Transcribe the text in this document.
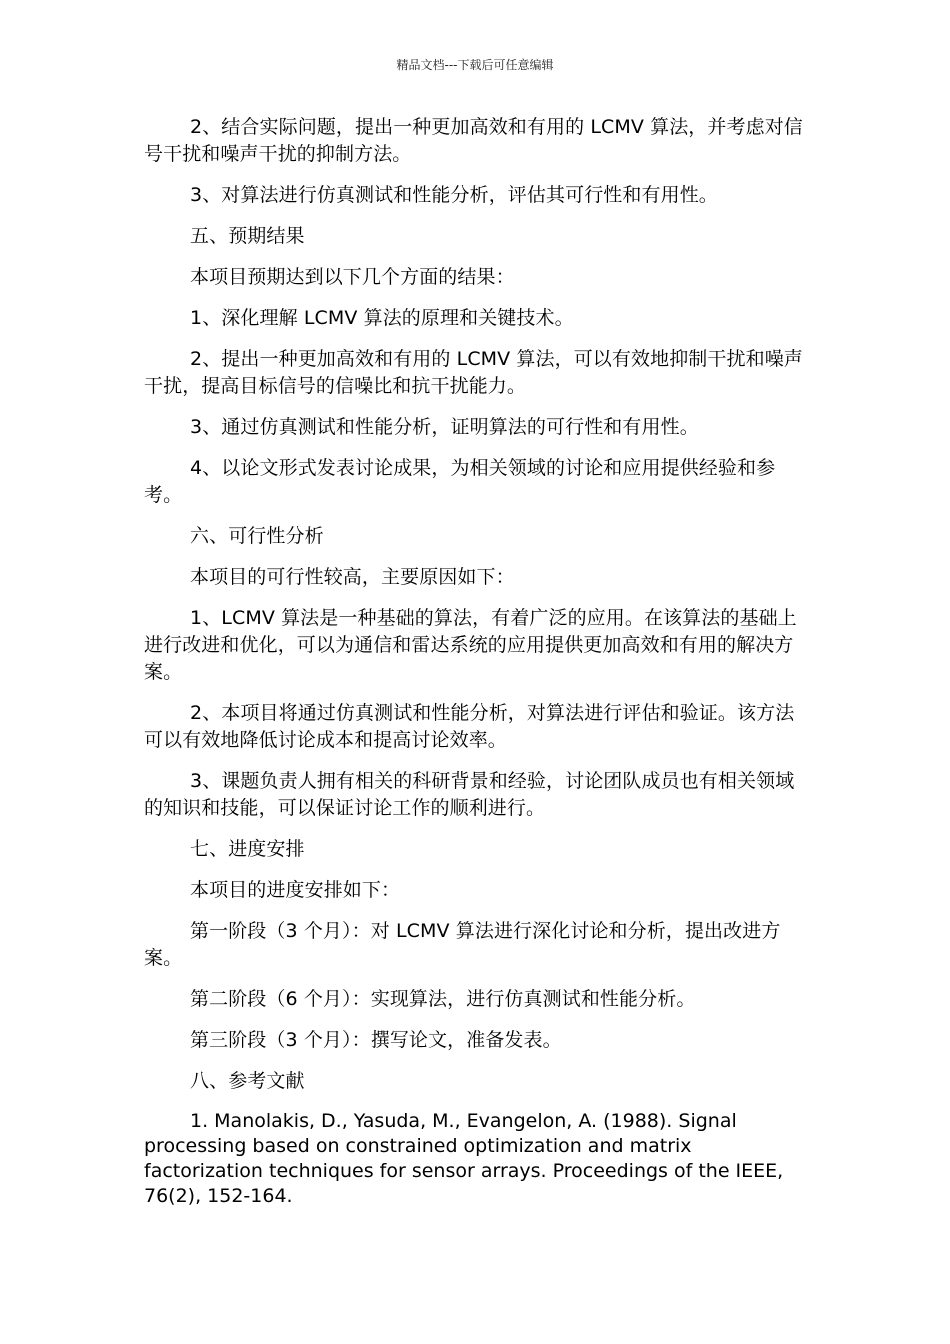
精品文档---下载后可任意编辑

2、结合实际问题，提出一种更加高效和有用的 LCMV 算法，并考虑对信号干扰和噪声干扰的抑制方法。

3、对算法进行仿真测试和性能分析，评估其可行性和有用性。

五、预期结果

本项目预期达到以下几个方面的结果：

1、深化理解 LCMV 算法的原理和关键技术。

2、提出一种更加高效和有用的 LCMV 算法，可以有效地抑制干扰和噪声干扰，提高目标信号的信噪比和抗干扰能力。

3、通过仿真测试和性能分析，证明算法的可行性和有用性。

4、以论文形式发表讨论成果，为相关领域的讨论和应用提供经验和参考。

六、可行性分析

本项目的可行性较高，主要原因如下：

1、LCMV 算法是一种基础的算法，有着广泛的应用。在该算法的基础上进行改进和优化，可以为通信和雷达系统的应用提供更加高效和有用的解决方案。

2、本项目将通过仿真测试和性能分析，对算法进行评估和验证。该方法可以有效地降低讨论成本和提高讨论效率。

3、课题负责人拥有相关的科研背景和经验，讨论团队成员也有相关领域的知识和技能，可以保证讨论工作的顺利进行。

七、进度安排

本项目的进度安排如下：

第一阶段（3 个月）：对 LCMV 算法进行深化讨论和分析，提出改进方案。

第二阶段（6 个月）：实现算法，进行仿真测试和性能分析。

第三阶段（3 个月）：撰写论文，准备发表。

八、参考文献

1. Manolakis, D., Yasuda, M., Evangelon, A. (1988). Signal processing based on constrained optimization and matrix factorization techniques for sensor arrays. Proceedings of the IEEE, 76(2), 152-164.
